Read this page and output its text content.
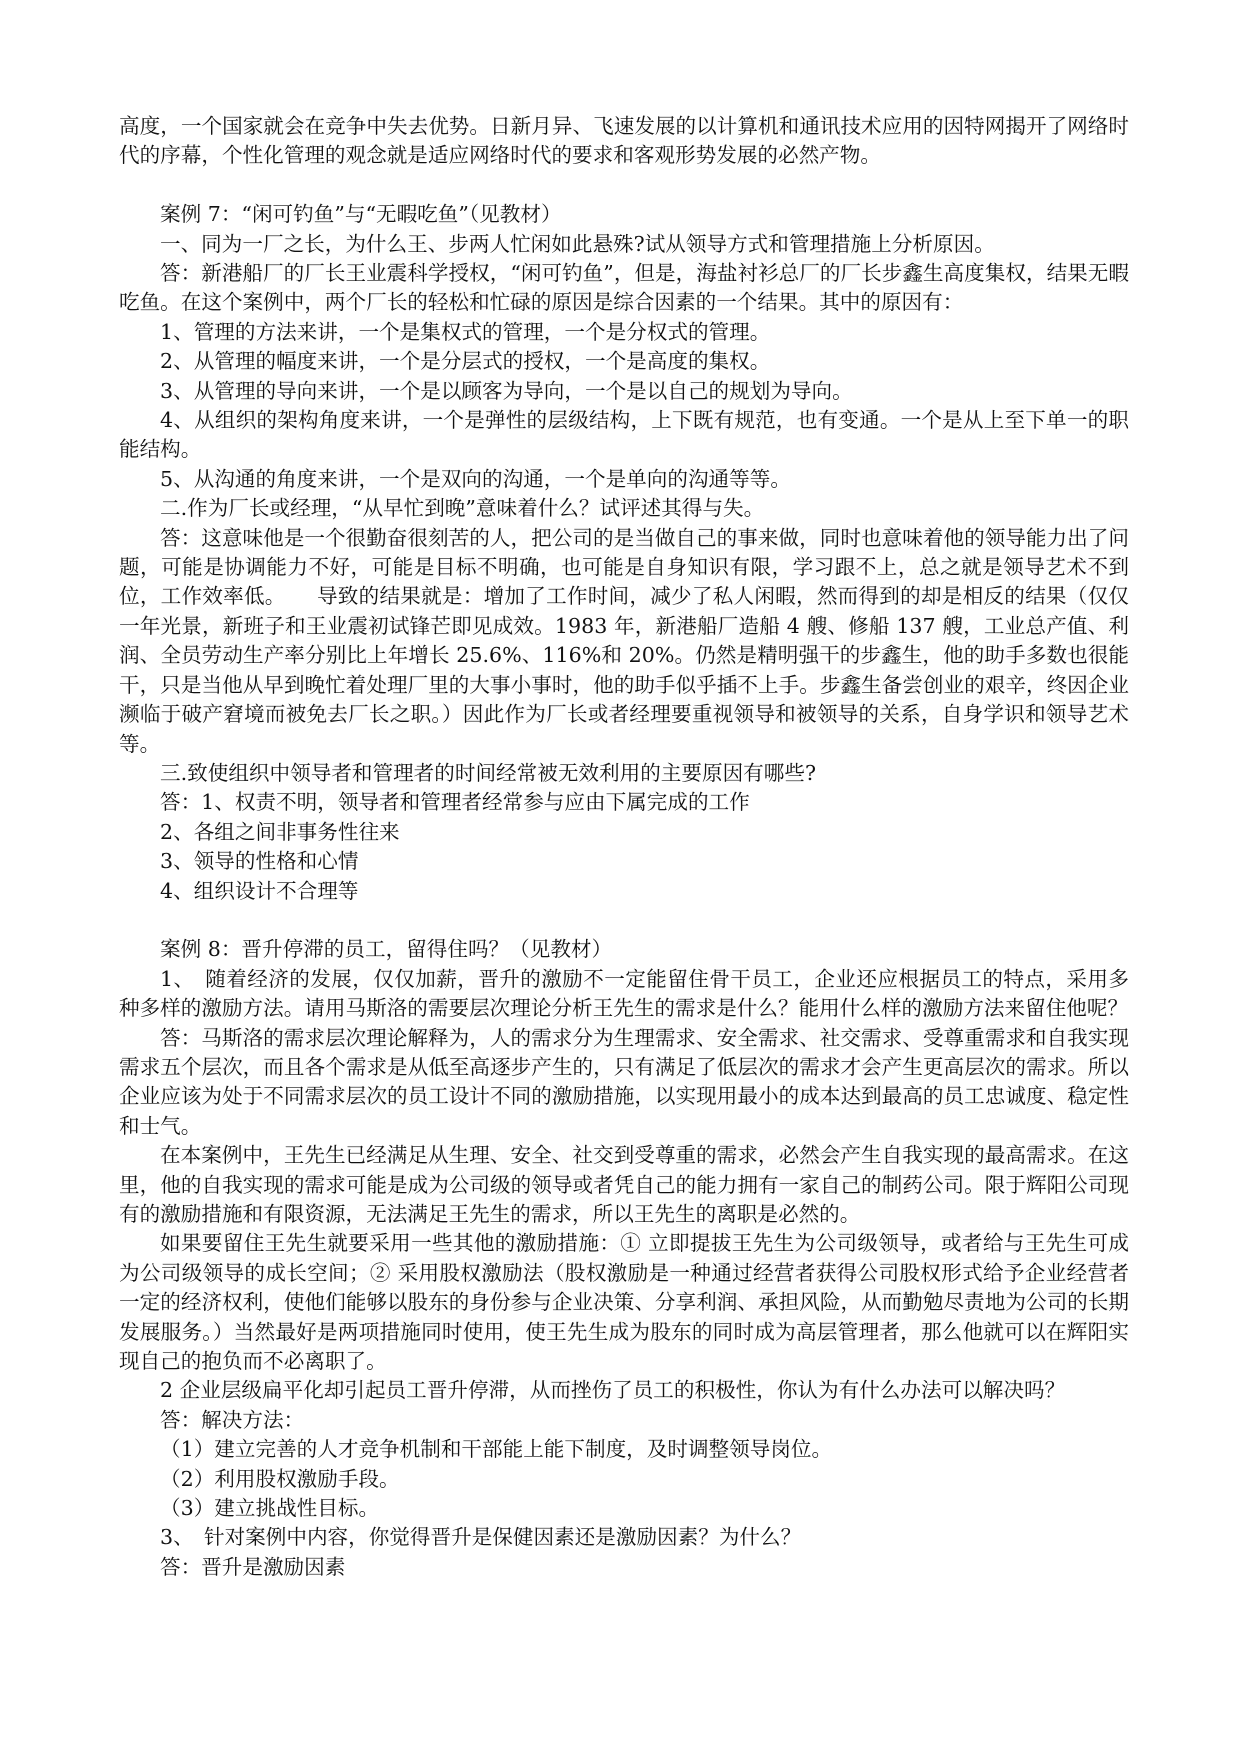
高度，一个国家就会在竞争中失去优势。日新月异、飞速发展的以计算机和通讯技术应用的因特网揭开了网络时代的序幕，个性化管理的观念就是适应网络时代的要求和客观形势发展的必然产物。

案例 7：“闲可钓鱼”与“无暇吃鱼”（见教材）

一、同为一厂之长，为什么王、步两人忙闲如此悬殊?试从领导方式和管理措施上分析原因。

答：新港船厂的厂长王业震科学授权，“闲可钓鱼”，但是，海盐衬衫总厂的厂长步鑫生高度集权，结果无暇吃鱼。在这个案例中，两个厂长的轻松和忙碌的原因是综合因素的一个结果。其中的原因有：

1、管理的方法来讲，一个是集权式的管理，一个是分权式的管理。

2、从管理的幅度来讲，一个是分层式的授权，一个是高度的集权。

3、从管理的导向来讲，一个是以顾客为导向，一个是以自己的规划为导向。

4、从组织的架构角度来讲，一个是弹性的层级结构，上下既有规范，也有变通。一个是从上至下单一的职能结构。

5、从沟通的角度来讲，一个是双向的沟通，一个是单向的沟通等等。

二.作为厂长或经理，“从早忙到晚”意味着什么？试评述其得与失。

答：这意味他是一个很勤奋很刻苦的人，把公司的是当做自己的事来做，同时也意味着他的领导能力出了问题，可能是协调能力不好，可能是目标不明确，也可能是自身知识有限，学习跟不上，总之就是领导艺术不到位，工作效率低。　　导致的结果就是：增加了工作时间，减少了私人闲暇，然而得到的却是相反的结果（仅仅一年光景，新班子和王业震初试锋芒即见成效。1983 年，新港船厂造船 4 艘、修船 137 艘，工业总产值、利润、全员劳动生产率分别比上年增长 25.6%、116%和 20%。仍然是精明强干的步鑫生，他的助手多数也很能干，只是当他从早到晚忙着处理厂里的大事小事时，他的助手似乎插不上手。步鑫生备尝创业的艰辛，终因企业濒临于破产窘境而被免去厂长之职。）因此作为厂长或者经理要重视领导和被领导的关系，自身学识和领导艺术等。

三.致使组织中领导者和管理者的时间经常被无效利用的主要原因有哪些?

答：1、权责不明，领导者和管理者经常参与应由下属完成的工作

2、各组之间非事务性往来

3、领导的性格和心情

4、组织设计不合理等

案例 8：晋升停滞的员工，留得住吗？（见教材）

1、　随着经济的发展，仅仅加薪，晋升的激励不一定能留住骨干员工，企业还应根据员工的特点，采用多种多样的激励方法。请用马斯洛的需要层次理论分析王先生的需求是什么？能用什么样的激励方法来留住他呢？

答：马斯洛的需求层次理论解释为，人的需求分为生理需求、安全需求、社交需求、受尊重需求和自我实现需求五个层次，而且各个需求是从低至高逐步产生的，只有满足了低层次的需求才会产生更高层次的需求。所以企业应该为处于不同需求层次的员工设计不同的激励措施，以实现用最小的成本达到最高的员工忠诚度、稳定性和士气。

在本案例中，王先生已经满足从生理、安全、社交到受尊重的需求，必然会产生自我实现的最高需求。在这里，他的自我实现的需求可能是成为公司级的领导或者凭自己的能力拥有一家自己的制药公司。限于辉阳公司现有的激励措施和有限资源，无法满足王先生的需求，所以王先生的离职是必然的。

如果要留住王先生就要采用一些其他的激励措施：① 立即提拔王先生为公司级领导，或者给与王先生可成为公司级领导的成长空间；② 采用股权激励法（股权激励是一种通过经营者获得公司股权形式给予企业经营者一定的经济权利，使他们能够以股东的身份参与企业决策、分享利润、承担风险，从而勤勉尽责地为公司的长期发展服务。）当然最好是两项措施同时使用，使王先生成为股东的同时成为高层管理者，那么他就可以在辉阳实现自己的抱负而不必离职了。

2 企业层级扁平化却引起员工晋升停滞，从而挫伤了员工的积极性，你认为有什么办法可以解决吗？

答：解决方法：

（1）建立完善的人才竞争机制和干部能上能下制度，及时调整领导岗位。

（2）利用股权激励手段。

（3）建立挑战性目标。

3、　针对案例中内容，你觉得晋升是保健因素还是激励因素？为什么？

答：晋升是激励因素
